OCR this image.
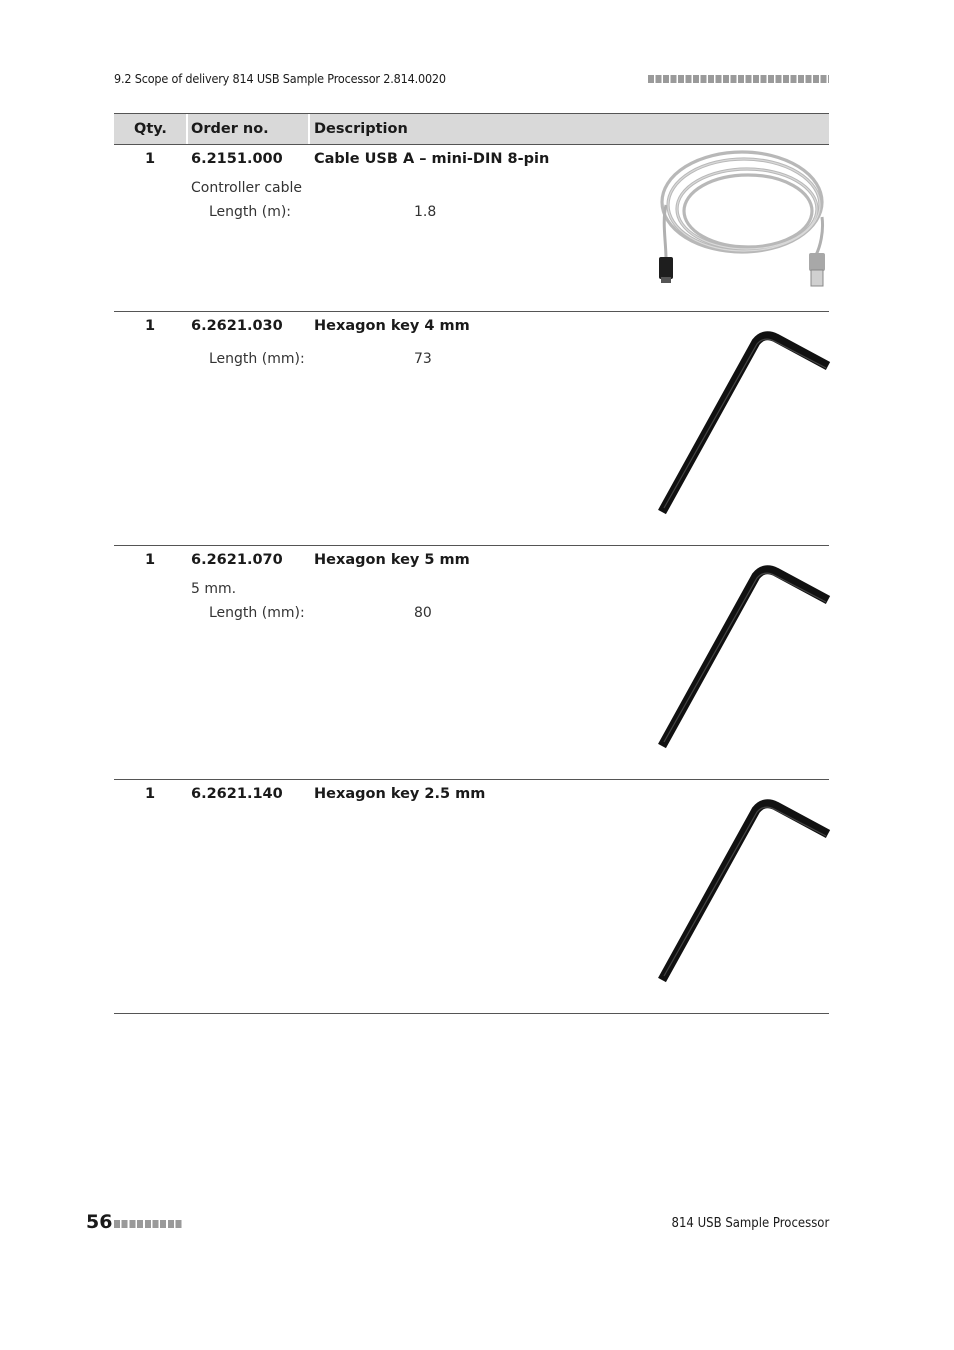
9.2 Scope of delivery 814 USB Sample Processor 2.814.0020
Qty. Order no.	Description
1	6.2151.000 Cable USB A – mini-DIN 8-pin
Controller cable
Length (m):	1.8
1	6.2621.030 Hexagon key 4 mm
Length (mm):	73
1	6.2621.070 Hexagon key 5 mm
5 mm.
Length (mm):	80
1	6.2621.140 Hexagon key 2.5 mm
56	814 USB Sample Processor
